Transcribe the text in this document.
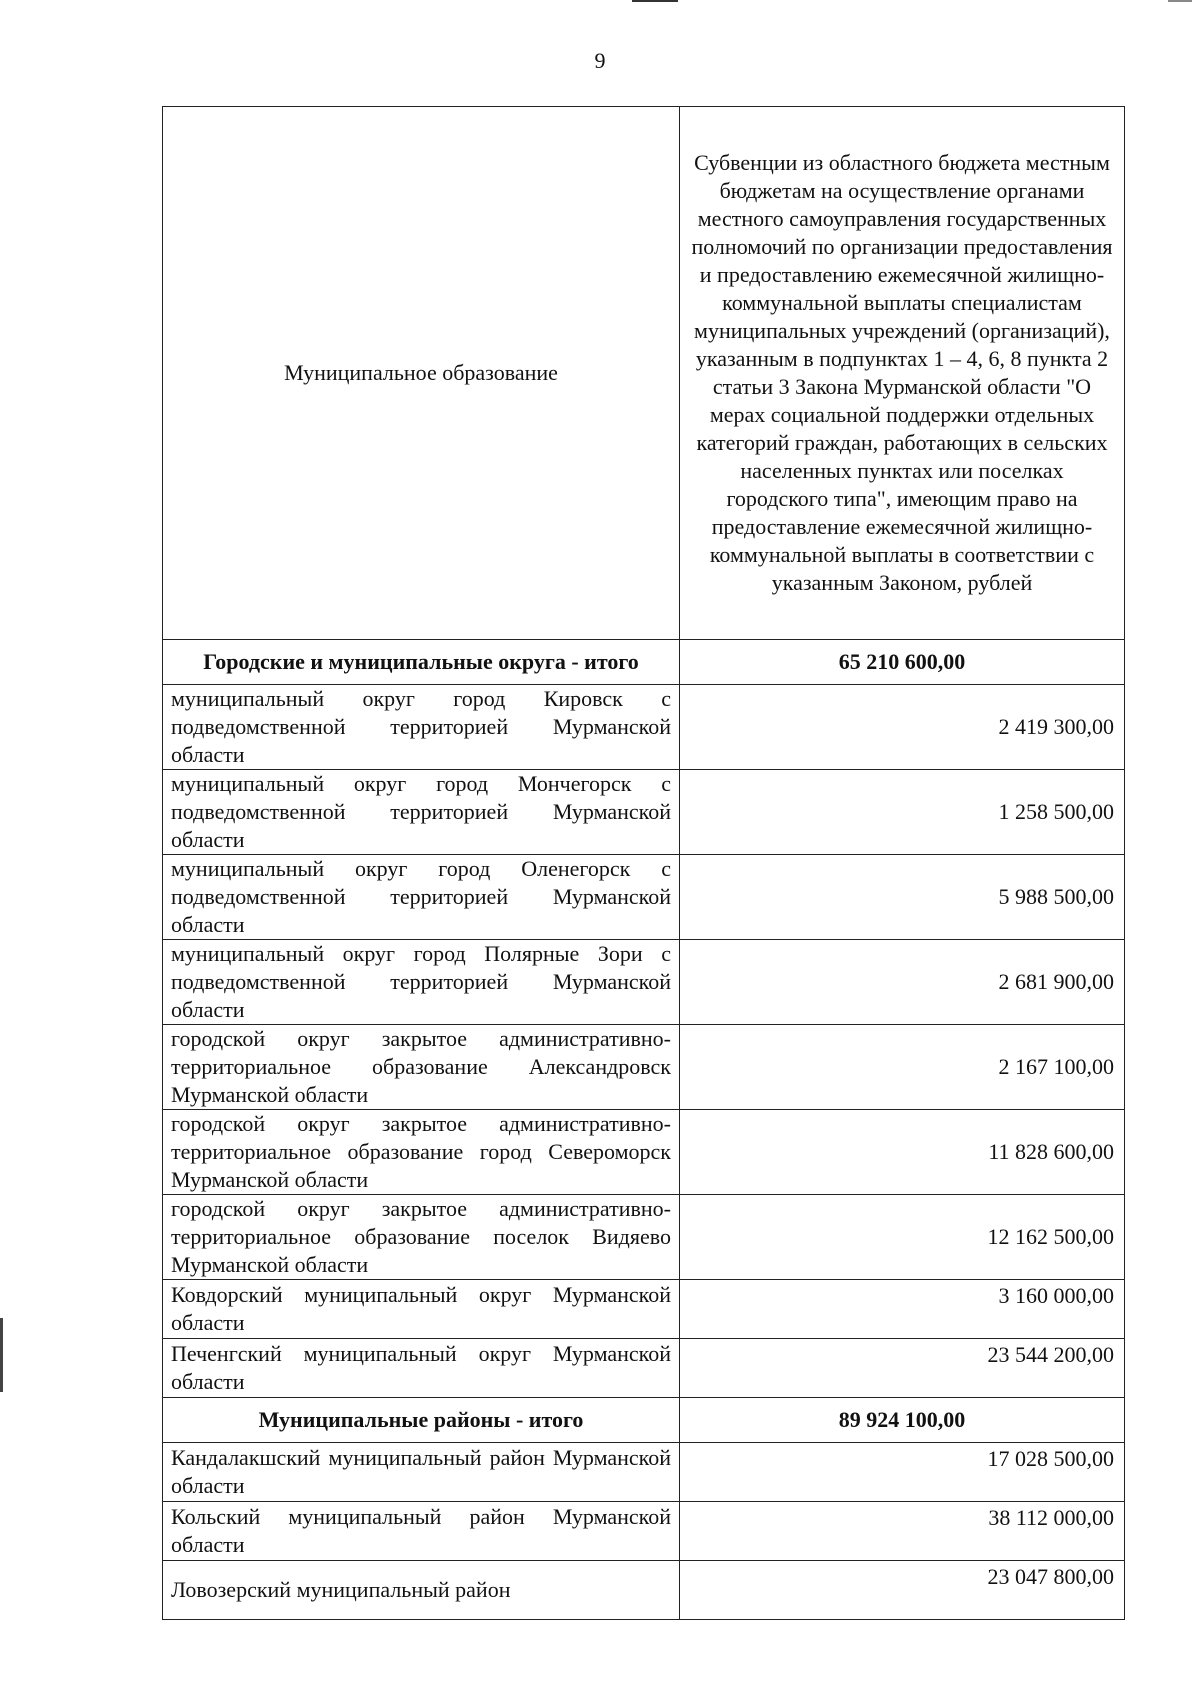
9
Муниципальное образование	Субвенции из областного бюджета местным бюджетам на осуществление органами местного самоуправления государственных полномочий по организации предоставления и предоставлению ежемесячной жилищно-коммунальной выплаты специалистам муниципальных учреждений (организаций), указанным в подпунктах 1 – 4, 6, 8 пункта 2 статьи 3 Закона Мурманской области "О мерах социальной поддержки отдельных категорий граждан, работающих в сельских населенных пунктах или поселках городского типа", имеющим право на предоставление ежемесячной жилищно-коммунальной выплаты в соответствии с указанным Законом, рублей
Городские и муниципальные округа - итого	65 210 600,00
муниципальный округ город Кировск с подведомственной территорией Мурманской области	2 419 300,00
муниципальный округ город Мончегорск с подведомственной территорией Мурманской области	1 258 500,00
муниципальный округ город Оленегорск с подведомственной территорией Мурманской области	5 988 500,00
муниципальный округ город Полярные Зори с подведомственной территорией Мурманской области	2 681 900,00
городской округ закрытое административно-территориальное образование Александровск Мурманской области	2 167 100,00
городской округ закрытое административно-территориальное образование город Североморск Мурманской области	11 828 600,00
городской округ закрытое административно-территориальное образование поселок Видяево Мурманской области	12 162 500,00
Ковдорский муниципальный округ Мурманской области	3 160 000,00
Печенгский муниципальный округ Мурманской области	23 544 200,00
Муниципальные районы - итого	89 924 100,00
Кандалакшский муниципальный район Мурманской области	17 028 500,00
Кольский муниципальный район Мурманской области	38 112 000,00
Ловозерский муниципальный район	23 047 800,00
